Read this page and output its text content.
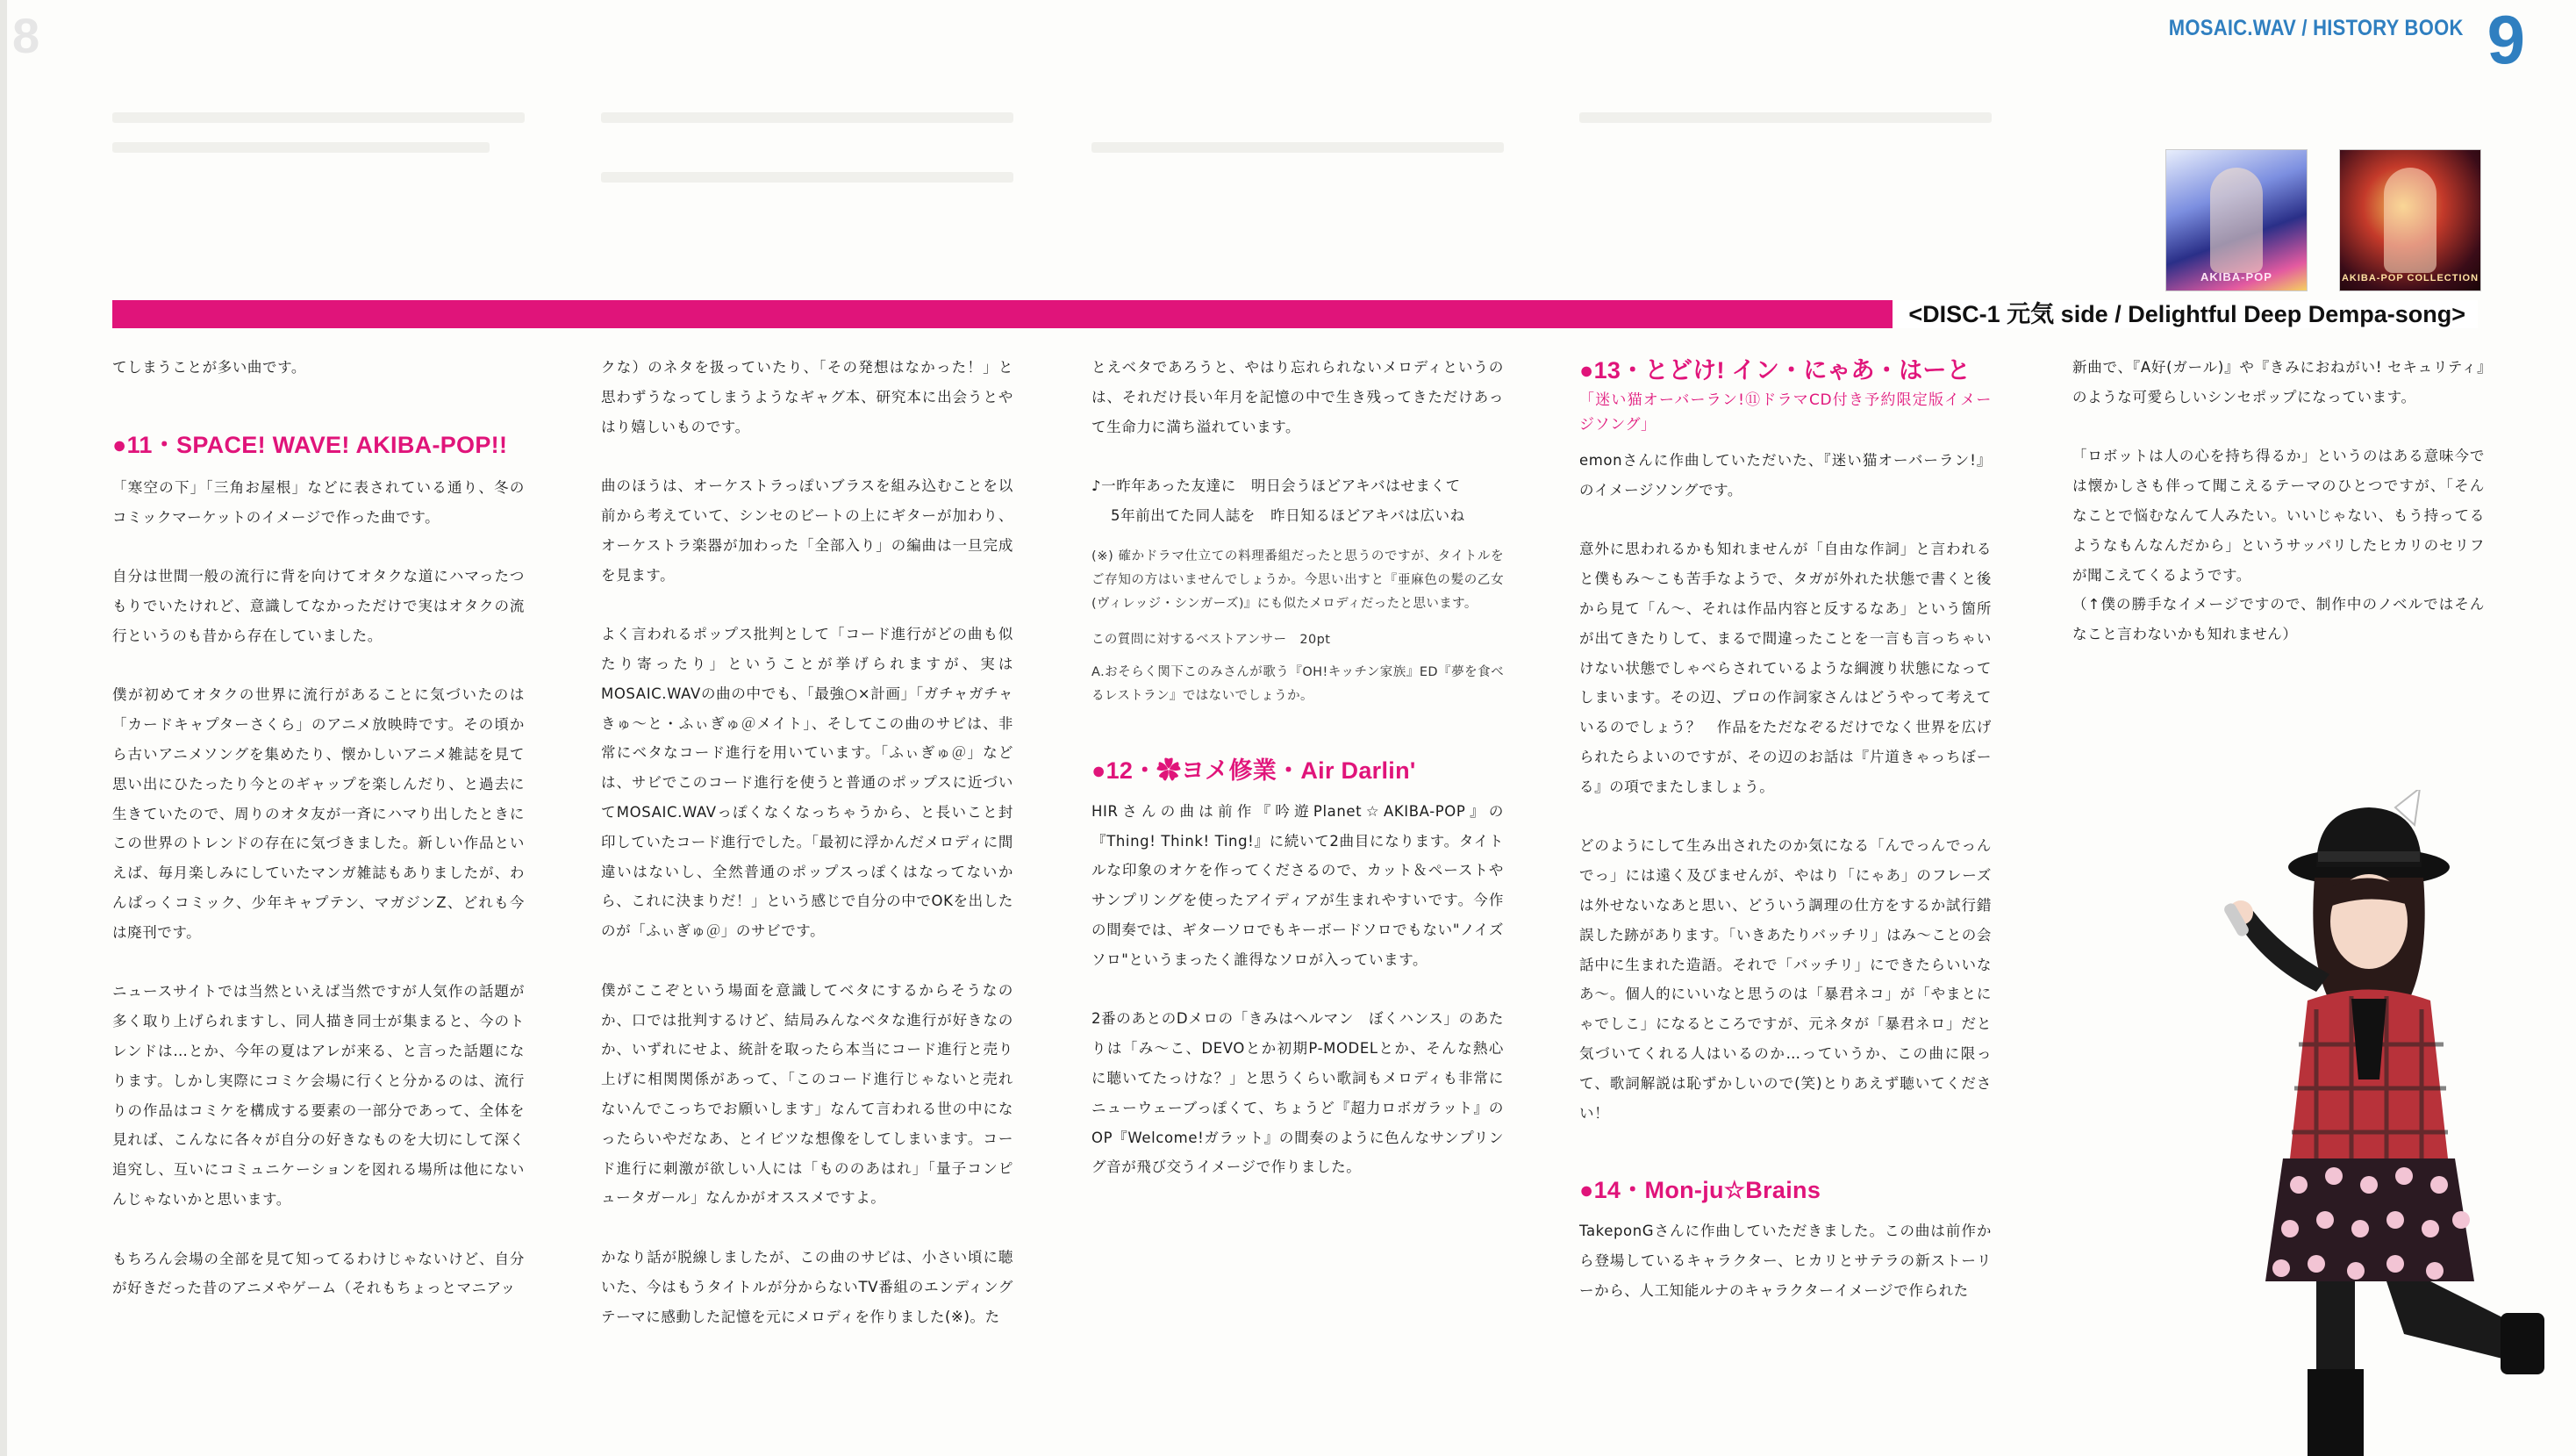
8	MOSAIC.WAV / HISTORY BOOK 9
AKIBA-POP	AKIBA-POP COLLECTION
<DISC-1 元気 side / Delightful Deep Dempa-song>

てしまうことが多い曲です。

●11・SPACE! WAVE! AKIBA-POP!!

「寒空の下」「三角お屋根」などに表されている通り、冬のコミックマーケットのイメージで作った曲です。

自分は世間一般の流行に背を向けてオタクな道にハマったつもりでいたけれど、意識してなかっただけで実はオタクの流行というのも昔から存在していました。

僕が初めてオタクの世界に流行があることに気づいたのは「カードキャプターさくら」のアニメ放映時です。その頃から古いアニメソングを集めたり、懐かしいアニメ雑誌を見て思い出にひたったり今とのギャップを楽しんだり、と過去に生きていたので、周りのオタ友が一斉にハマり出したときにこの世界のトレンドの存在に気づきました。新しい作品といえば、毎月楽しみにしていたマンガ雑誌もありましたが、わんぱっくコミック、少年キャプテン、マガジンZ、どれも今は廃刊です。

ニュースサイトでは当然といえば当然ですが人気作の話題が多く取り上げられますし、同人描き同士が集まると、今のトレンドは…とか、今年の夏はアレが来る、と言った話題になります。しかし実際にコミケ会場に行くと分かるのは、流行りの作品はコミケを構成する要素の一部分であって、全体を見れば、こんなに各々が自分の好きなものを大切にして深く追究し、互いにコミュニケーションを図れる場所は他にないんじゃないかと思います。

もちろん会場の全部を見て知ってるわけじゃないけど、自分が好きだった昔のアニメやゲーム（それもちょっとマニアッ

クな）のネタを扱っていたり、「その発想はなかった！」と思わずうなってしまうようなギャグ本、研究本に出会うとやはり嬉しいものです。

曲のほうは、オーケストラっぽいブラスを組み込むことを以前から考えていて、シンセのビートの上にギターが加わり、オーケストラ楽器が加わった「全部入り」の編曲は一旦完成を見ます。

よく言われるポップス批判として「コード進行がどの曲も似たり寄ったり」ということが挙げられますが、実はMOSAIC.WAVの曲の中でも、「最強○×計画」「ガチャガチャきゅ〜と・ふぃぎゅ＠メイト」、そしてこの曲のサビは、非常にベタなコード進行を用いています。「ふぃぎゅ＠」などは、サビでこのコード進行を使うと普通のポップスに近づいてMOSAIC.WAVっぽくなくなっちゃうから、と長いこと封印していたコード進行でした。「最初に浮かんだメロディに間違いはないし、全然普通のポップスっぽくはなってないから、これに決まりだ！」という感じで自分の中でOKを出したのが「ふぃぎゅ＠」のサビです。

僕がここぞという場面を意識してベタにするからそうなのか、口では批判するけど、結局みんなベタな進行が好きなのか、いずれにせよ、統計を取ったら本当にコード進行と売り上げに相関関係があって、「このコード進行じゃないと売れないんでこっちでお願いします」なんて言われる世の中になったらいやだなあ、とイビツな想像をしてしまいます。コード進行に刺激が欲しい人には「もののあはれ」「量子コンピュータガール」なんかがオススメですよ。

かなり話が脱線しましたが、この曲のサビは、小さい頃に聴いた、今はもうタイトルが分からないTV番組のエンディングテーマに感動した記憶を元にメロディを作りました(※)。た

とえベタであろうと、やはり忘れられないメロディというのは、それだけ長い年月を記憶の中で生き残ってきただけあって生命力に満ち溢れています。

♪一昨年あった友達に　明日会うほどアキバはせまくて

5年前出てた同人誌を　昨日知るほどアキバは広いね

(※) 確かドラマ仕立ての料理番組だったと思うのですが、タイトルをご存知の方はいませんでしょうか。今思い出すと『亜麻色の髪の乙女(ヴィレッジ・シンガーズ)』にも似たメロディだったと思います。

この質問に対するベストアンサー　20pt

A.おそらく関下このみさんが歌う『OH!キッチン家族』ED『夢を食べるレストラン』ではないでしょうか。

●12・✿ヨメ修業・Air Darlin'

HIRさんの曲は前作『吟遊Planet☆AKIBA-POP』の『Thing! Think! Ting!』に続いて2曲目になります。タイトルな印象のオケを作ってくださるので、カット＆ペーストやサンプリングを使ったアイディアが生まれやすいです。今作の間奏では、ギターソロでもキーボードソロでもない"ノイズソロ"というまったく誰得なソロが入っています。

2番のあとのDメロの「きみはヘルマン　ぼくハンス」のあたりは「み〜こ、DEVOとか初期P-MODELとか、そんな熱心に聴いてたっけな？」と思うくらい歌詞もメロディも非常にニューウェーブっぽくて、ちょうど『超力ロボガラット』のOP『Welcome!ガラット』の間奏のように色んなサンプリング音が飛び交うイメージで作りました。

●13・とどけ! イン・にゃあ・はーと

「迷い猫オーバーラン!⑪ドラマCD付き予約限定版イメージソング」

emonさんに作曲していただいた、『迷い猫オーバーラン!』のイメージソングです。

意外に思われるかも知れませんが「自由な作詞」と言われると僕もみ〜こも苦手なようで、タガが外れた状態で書くと後から見て「ん〜、それは作品内容と反するなあ」という箇所が出てきたりして、まるで間違ったことを一言も言っちゃいけない状態でしゃべらされているような綱渡り状態になってしまいます。その辺、プロの作詞家さんはどうやって考えているのでしょう？　作品をただなぞるだけでなく世界を広げられたらよいのですが、その辺のお話は『片道きゃっちぼーる』の項でまたしましょう。

どのようにして生み出されたのか気になる「んでっんでっんでっ」には遠く及びませんが、やはり「にゃあ」のフレーズは外せないなあと思い、どういう調理の仕方をするか試行錯誤した跡があります。「いきあたりバッチリ」はみ〜ことの会話中に生まれた造語。それで「バッチリ」にできたらいいなあ〜。個人的にいいなと思うのは「暴君ネコ」が「やまとにゃでしこ」になるところですが、元ネタが「暴君ネロ」だと気づいてくれる人はいるのか…っていうか、この曲に限って、歌詞解説は恥ずかしいので(笑)とりあえず聴いてください！

●14・Mon-ju☆Brains

TakeponGさんに作曲していただきました。この曲は前作から登場しているキャラクター、ヒカリとサテラの新ストーリーから、人工知能ルナのキャラクターイメージで作られた

新曲で、『A好(ガール)』や『きみにおねがい! セキュリティ』のような可愛らしいシンセポップになっています。

「ロボットは人の心を持ち得るか」というのはある意味今では懐かしさも伴って聞こえるテーマのひとつですが、「そんなことで悩むなんて人みたい。いいじゃない、もう持ってるようなもんなんだから」というサッパリしたヒカリのセリフが聞こえてくるようです。

（↑僕の勝手なイメージですので、制作中のノベルではそんなこと言わないかも知れません）
